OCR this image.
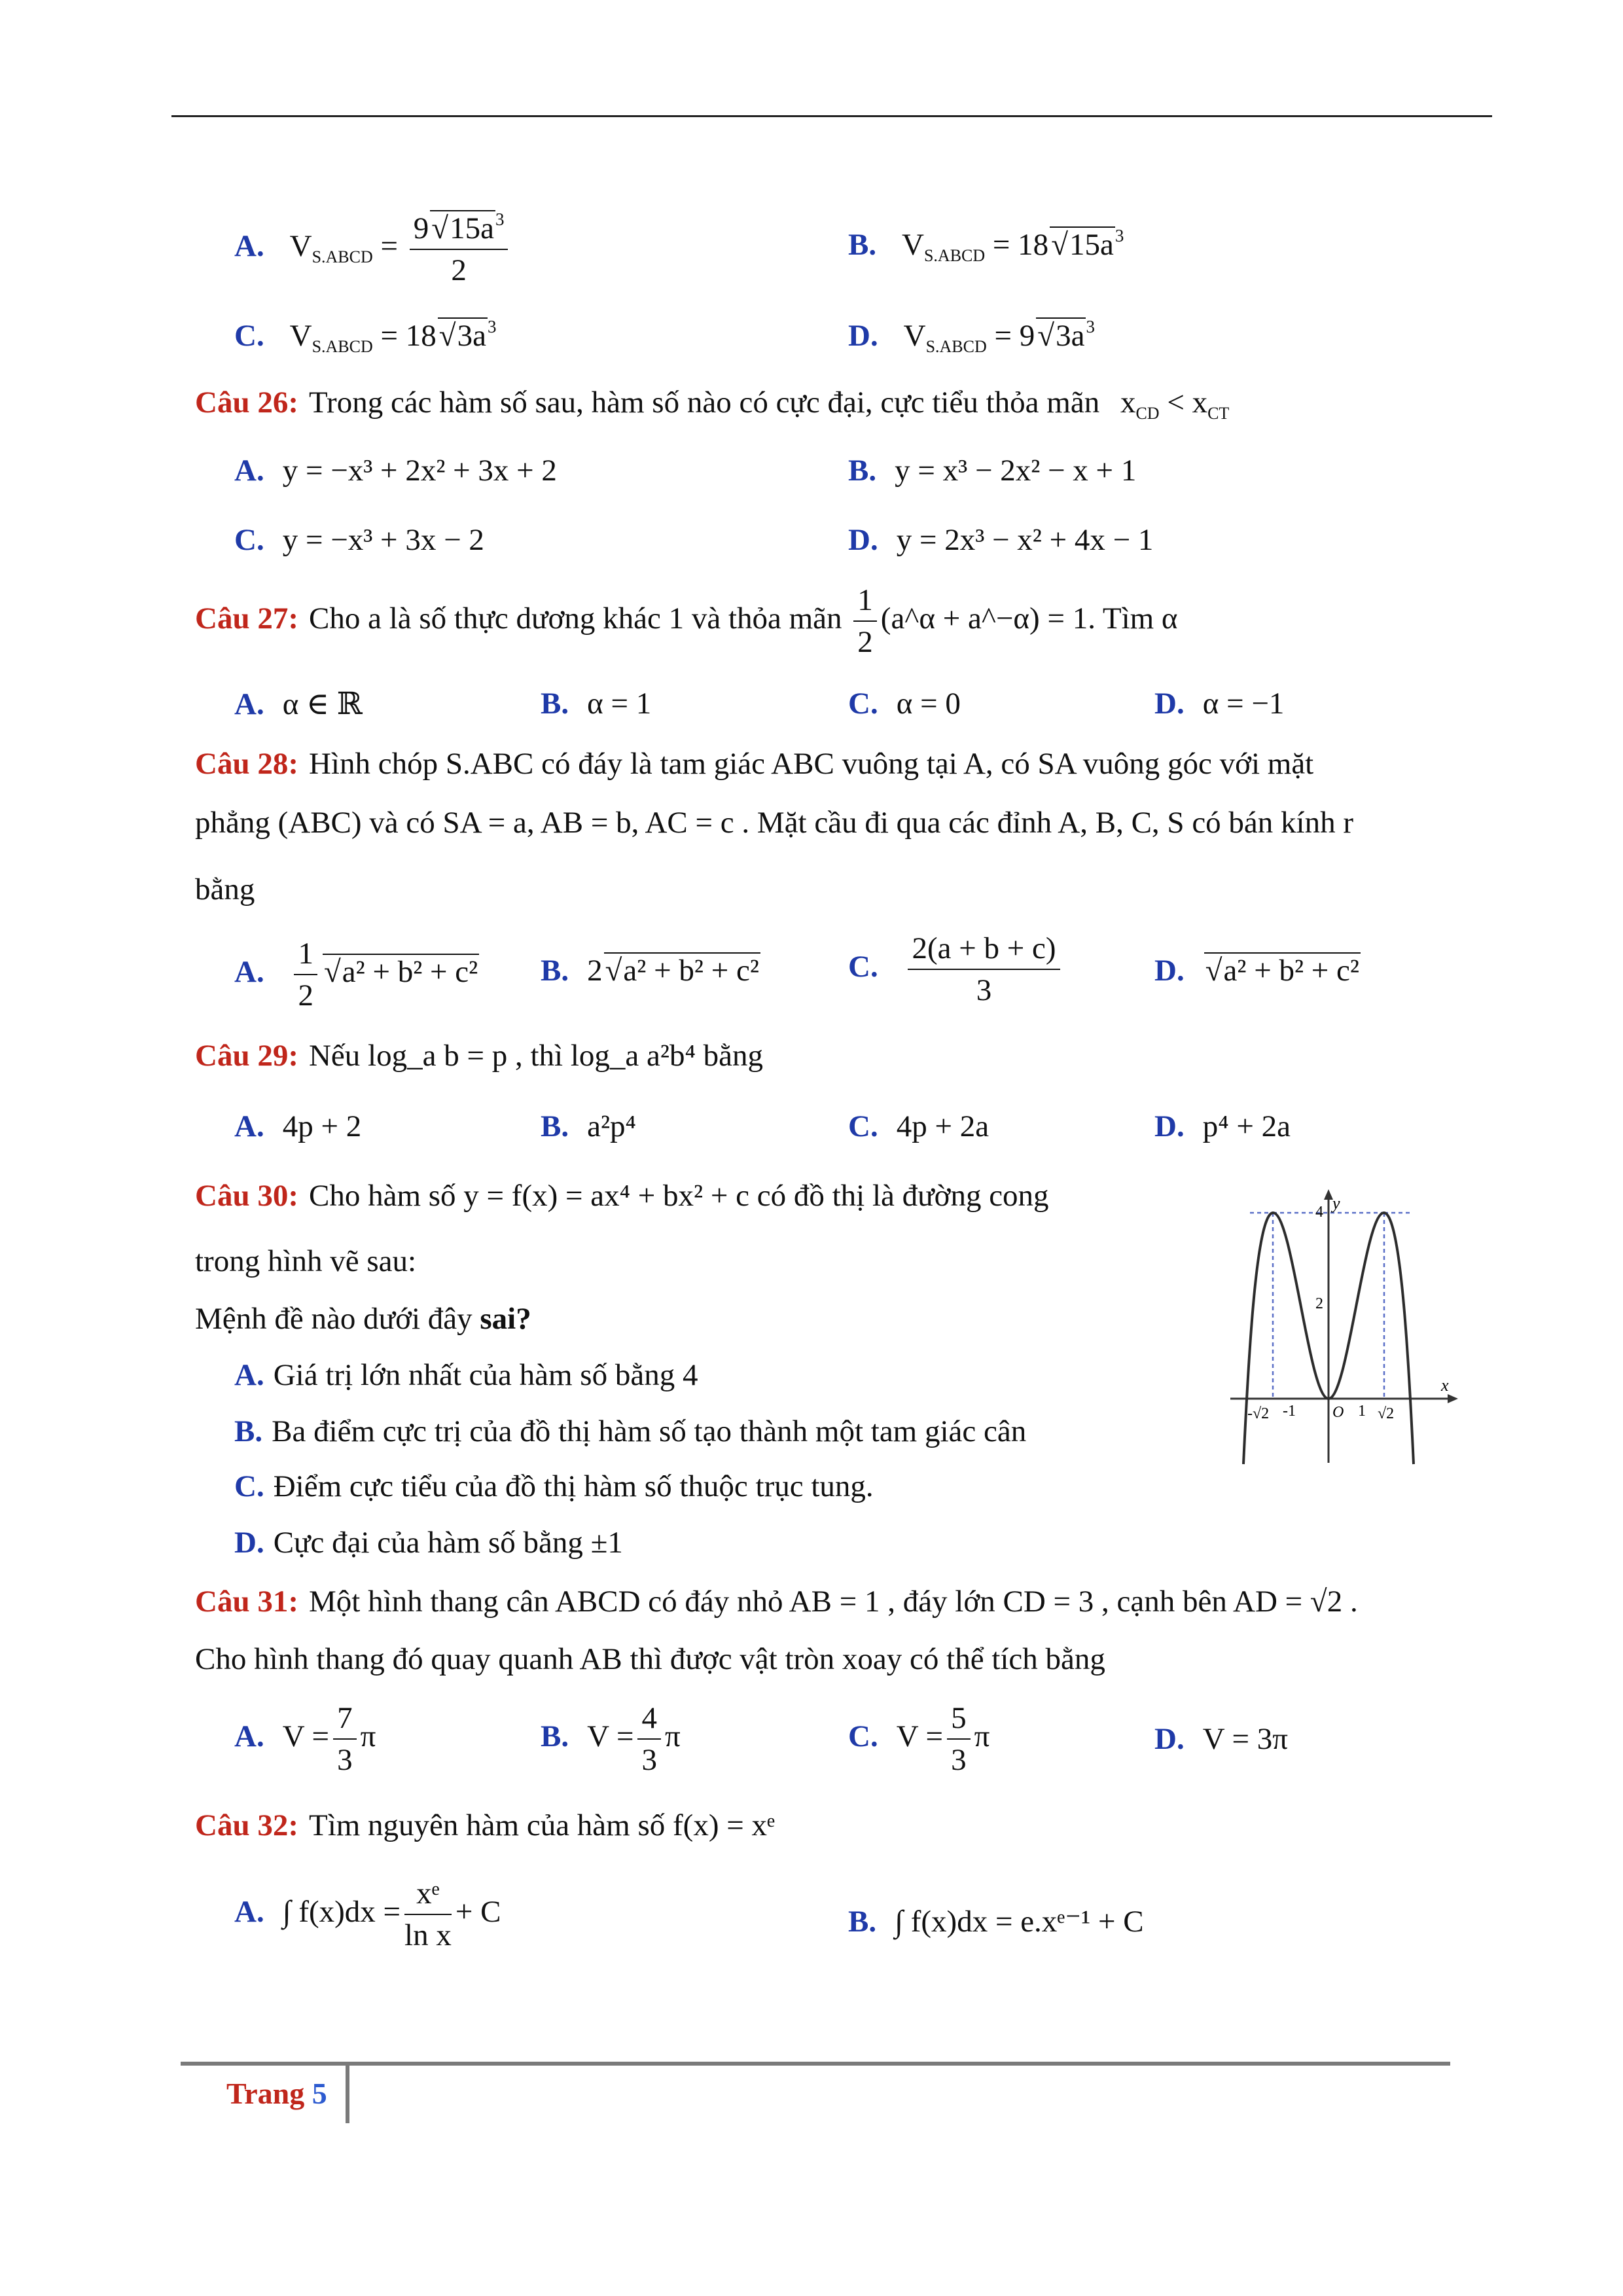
A. $V_{S.ABCD} = \frac{9√ 15a^3}{2}$	B. $V_{S.ABCD} = 18√$ $15a^3$
C. $V_{S.ABCD} = 18√$ $3a^3$	D. $V_{S.ABCD} = 9√$ $3a^3$
Câu 26: Trong các hàm số sau, hàm số nào có cực đại, cực tiểu thỏa mãn $x_{CD} < x_{CT}$
A. y = −x³ + 2x² + 3x + 2	B. y = x³ − 2x² − x + 1
C. y = −x³ + 3x − 2	D. y = 2x³ − x² + 4x − 1
Câu 27: Cho a là số thực dương khác 1 và thỏa mãn $\frac{1}{2}$ (a^α + a^−α) = 1. Tìm α
A. α ∈ ℝ	B. α = 1	C. α = 0	D. α = −1
Câu 28: Hình chóp S.ABC có đáy là tam giác ABC vuông tại A, có SA vuông góc với mặt
phẳng (ABC) và có SA = a, AB = b, AC = c . Mặt cầu đi qua các đỉnh A, B, C, S có bán kính r
bằng
A. $\frac{1}{2}$
√ a² + b² + c² B. 2√ a² + b² + c²	C. $\frac{2(a + b + c)}{3}$	D.√ a² + b² + c²
Câu 29: Nếu log_a b = p , thì log_a a²b⁴ bằng
A. 4p + 2	B. a²p⁴	C. 4p + 2a	D. p⁴ + 2a
Câu 30: Cho hàm số y = f(x) = ax⁴ + bx² + c có đồ thị là đường cong
trong hình vẽ sau:
Mệnh đề nào dưới đây sai?
A. Giá trị lớn nhất của hàm số bằng 4
B. Ba điểm cực trị của đồ thị hàm số tạo thành một tam giác cân
C. Điểm cực tiểu của đồ thị hàm số thuộc trục tung.
D. Cực đại của hàm số bằng ±1
y
4
2
x
-√2 -1 O 1 √2
Câu 31: Một hình thang cân ABCD có đáy nhỏ AB = 1 , đáy lớn CD = 3 , cạnh bên AD = √2 .
Cho hình thang đó quay quanh AB thì được vật tròn xoay có thể tích bằng
A. $V = \frac{7}{3}$ π	B. $V = \frac{4}{3}$ π	C. $V = \frac{5}{3}$ π	D. V = 3π
Câu 32: Tìm nguyên hàm của hàm số f(x) = xᵉ
A. ∫ $f(x)dx = \frac{\text{xᵉ}}{\text{ln x}} + C$	B. ∫ f(x)dx = e.xᵉ⁻¹ + C
Trang 5
